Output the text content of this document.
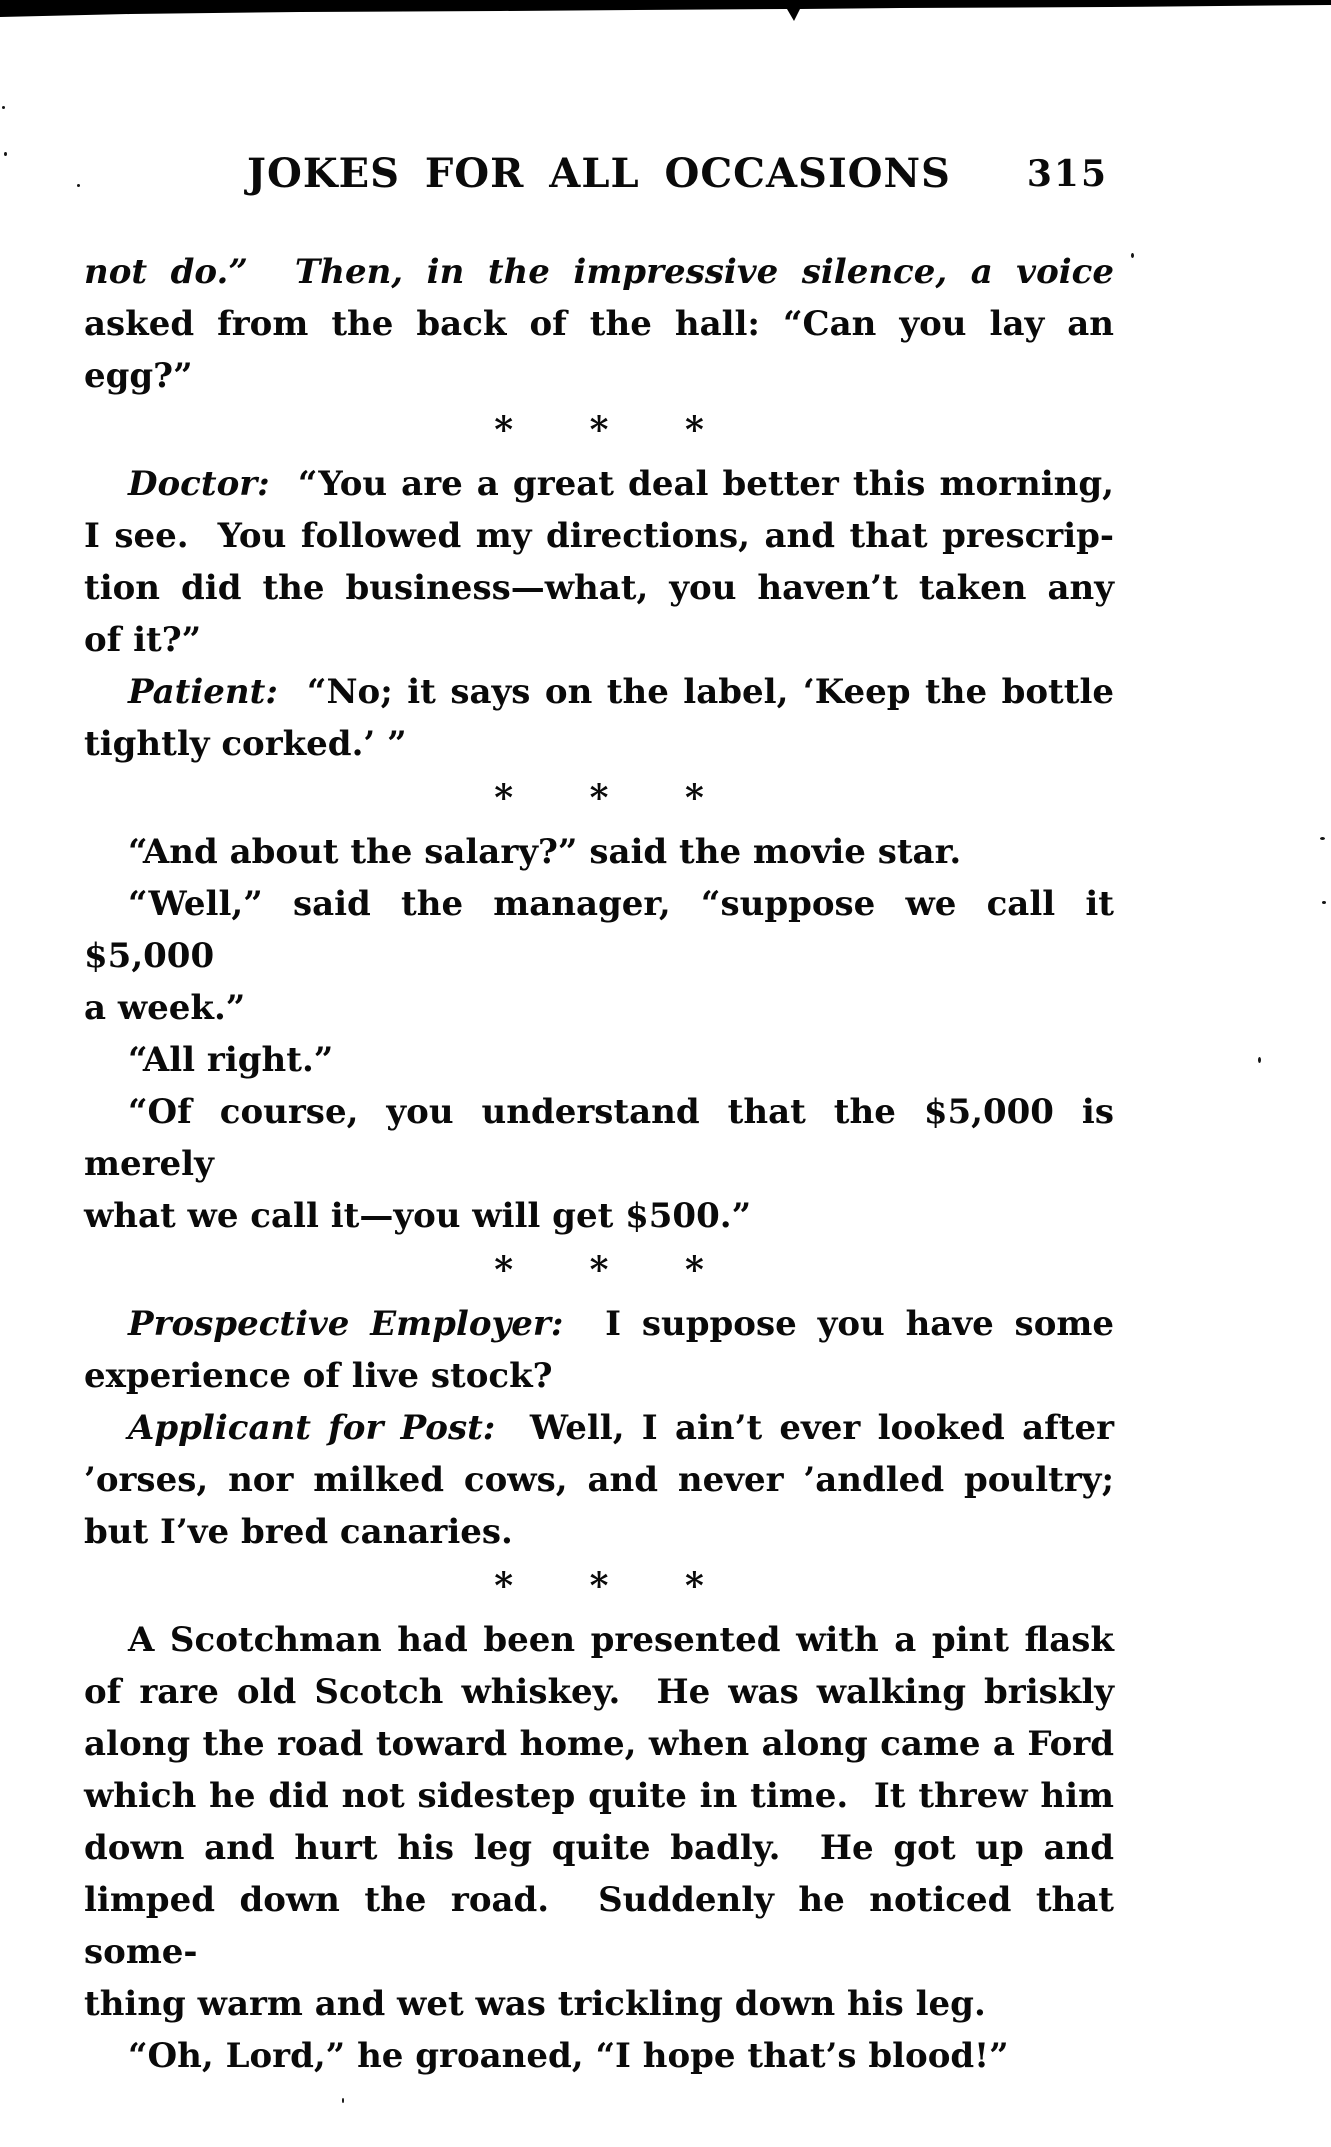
JOKES FOR ALL OCCASIONS 315
not do.”  Then, in the impressive silence, a voice
asked from the back of the hall: “Can you lay an egg?”
* * *
Doctor:  “You are a great deal better this morning,
I see.  You followed my directions, and that prescrip-
tion did the business—what, you haven’t taken any
of it?”
Patient:  “No; it says on the label, ‘Keep the bottle
tightly corked.’ ”
* * *
“And about the salary?” said the movie star.
“Well,” said the manager, “suppose we call it $5,000
a week.”
“All right.”
“Of course, you understand that the $5,000 is merely
what we call it—you will get $500.”
* * *
Prospective Employer:  I suppose you have some
experience of live stock?
Applicant for Post:  Well, I ain’t ever looked after
’orses, nor milked cows, and never ’andled poultry;
but I’ve bred canaries.
* * *
A Scotchman had been presented with a pint flask
of rare old Scotch whiskey.  He was walking briskly
along the road toward home, when along came a Ford
which he did not sidestep quite in time.  It threw him
down and hurt his leg quite badly.  He got up and
limped down the road.  Suddenly he noticed that some-
thing warm and wet was trickling down his leg.
“Oh, Lord,” he groaned, “I hope that’s blood!”
